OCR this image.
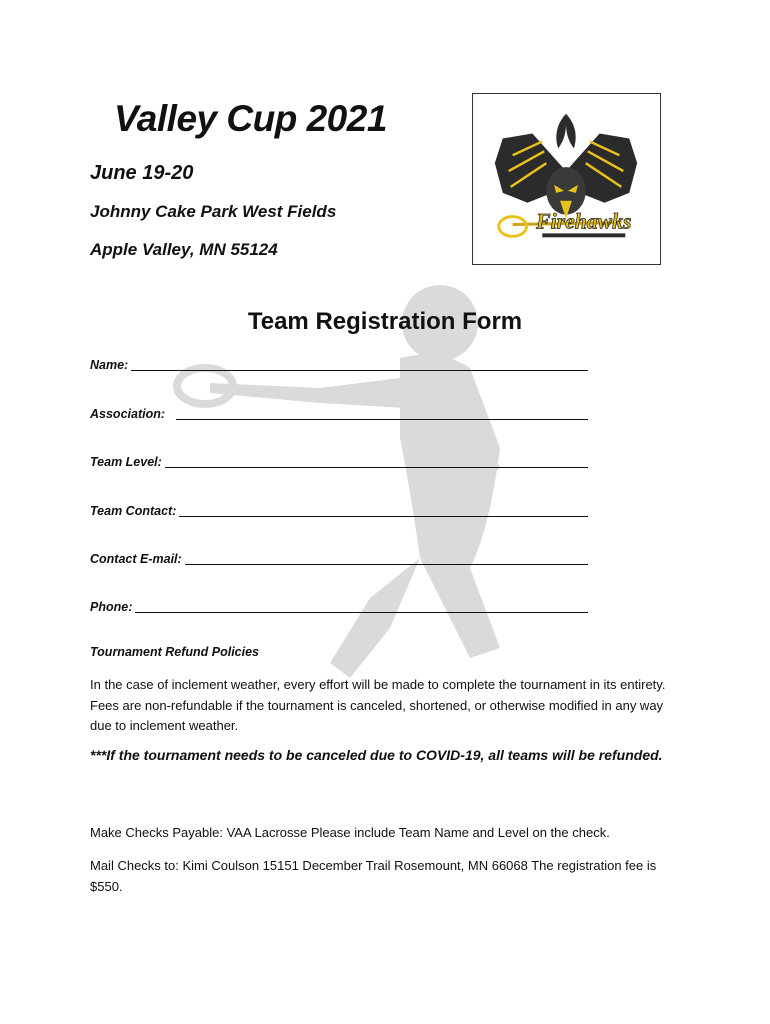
Valley Cup 2021
June 19-20
Johnny Cake Park West Fields
Apple Valley, MN 55124
Firehawks
Team Registration Form
Name:
Association:
Team Level:
Team Contact:
Contact E-mail:
Phone:
Tournament Refund Policies
In the case of inclement weather, every effort will be made to complete the tournament in its entirety. Fees are non-refundable if the tournament is canceled, shortened, or otherwise modified in any way due to inclement weather.
***If the tournament needs to be canceled due to COVID-19, all teams will be refunded.
Make Checks Payable: VAA Lacrosse Please include Team Name and Level on the check.
Mail Checks to: Kimi Coulson 15151 December Trail Rosemount, MN 66068 The registration fee is $550.
